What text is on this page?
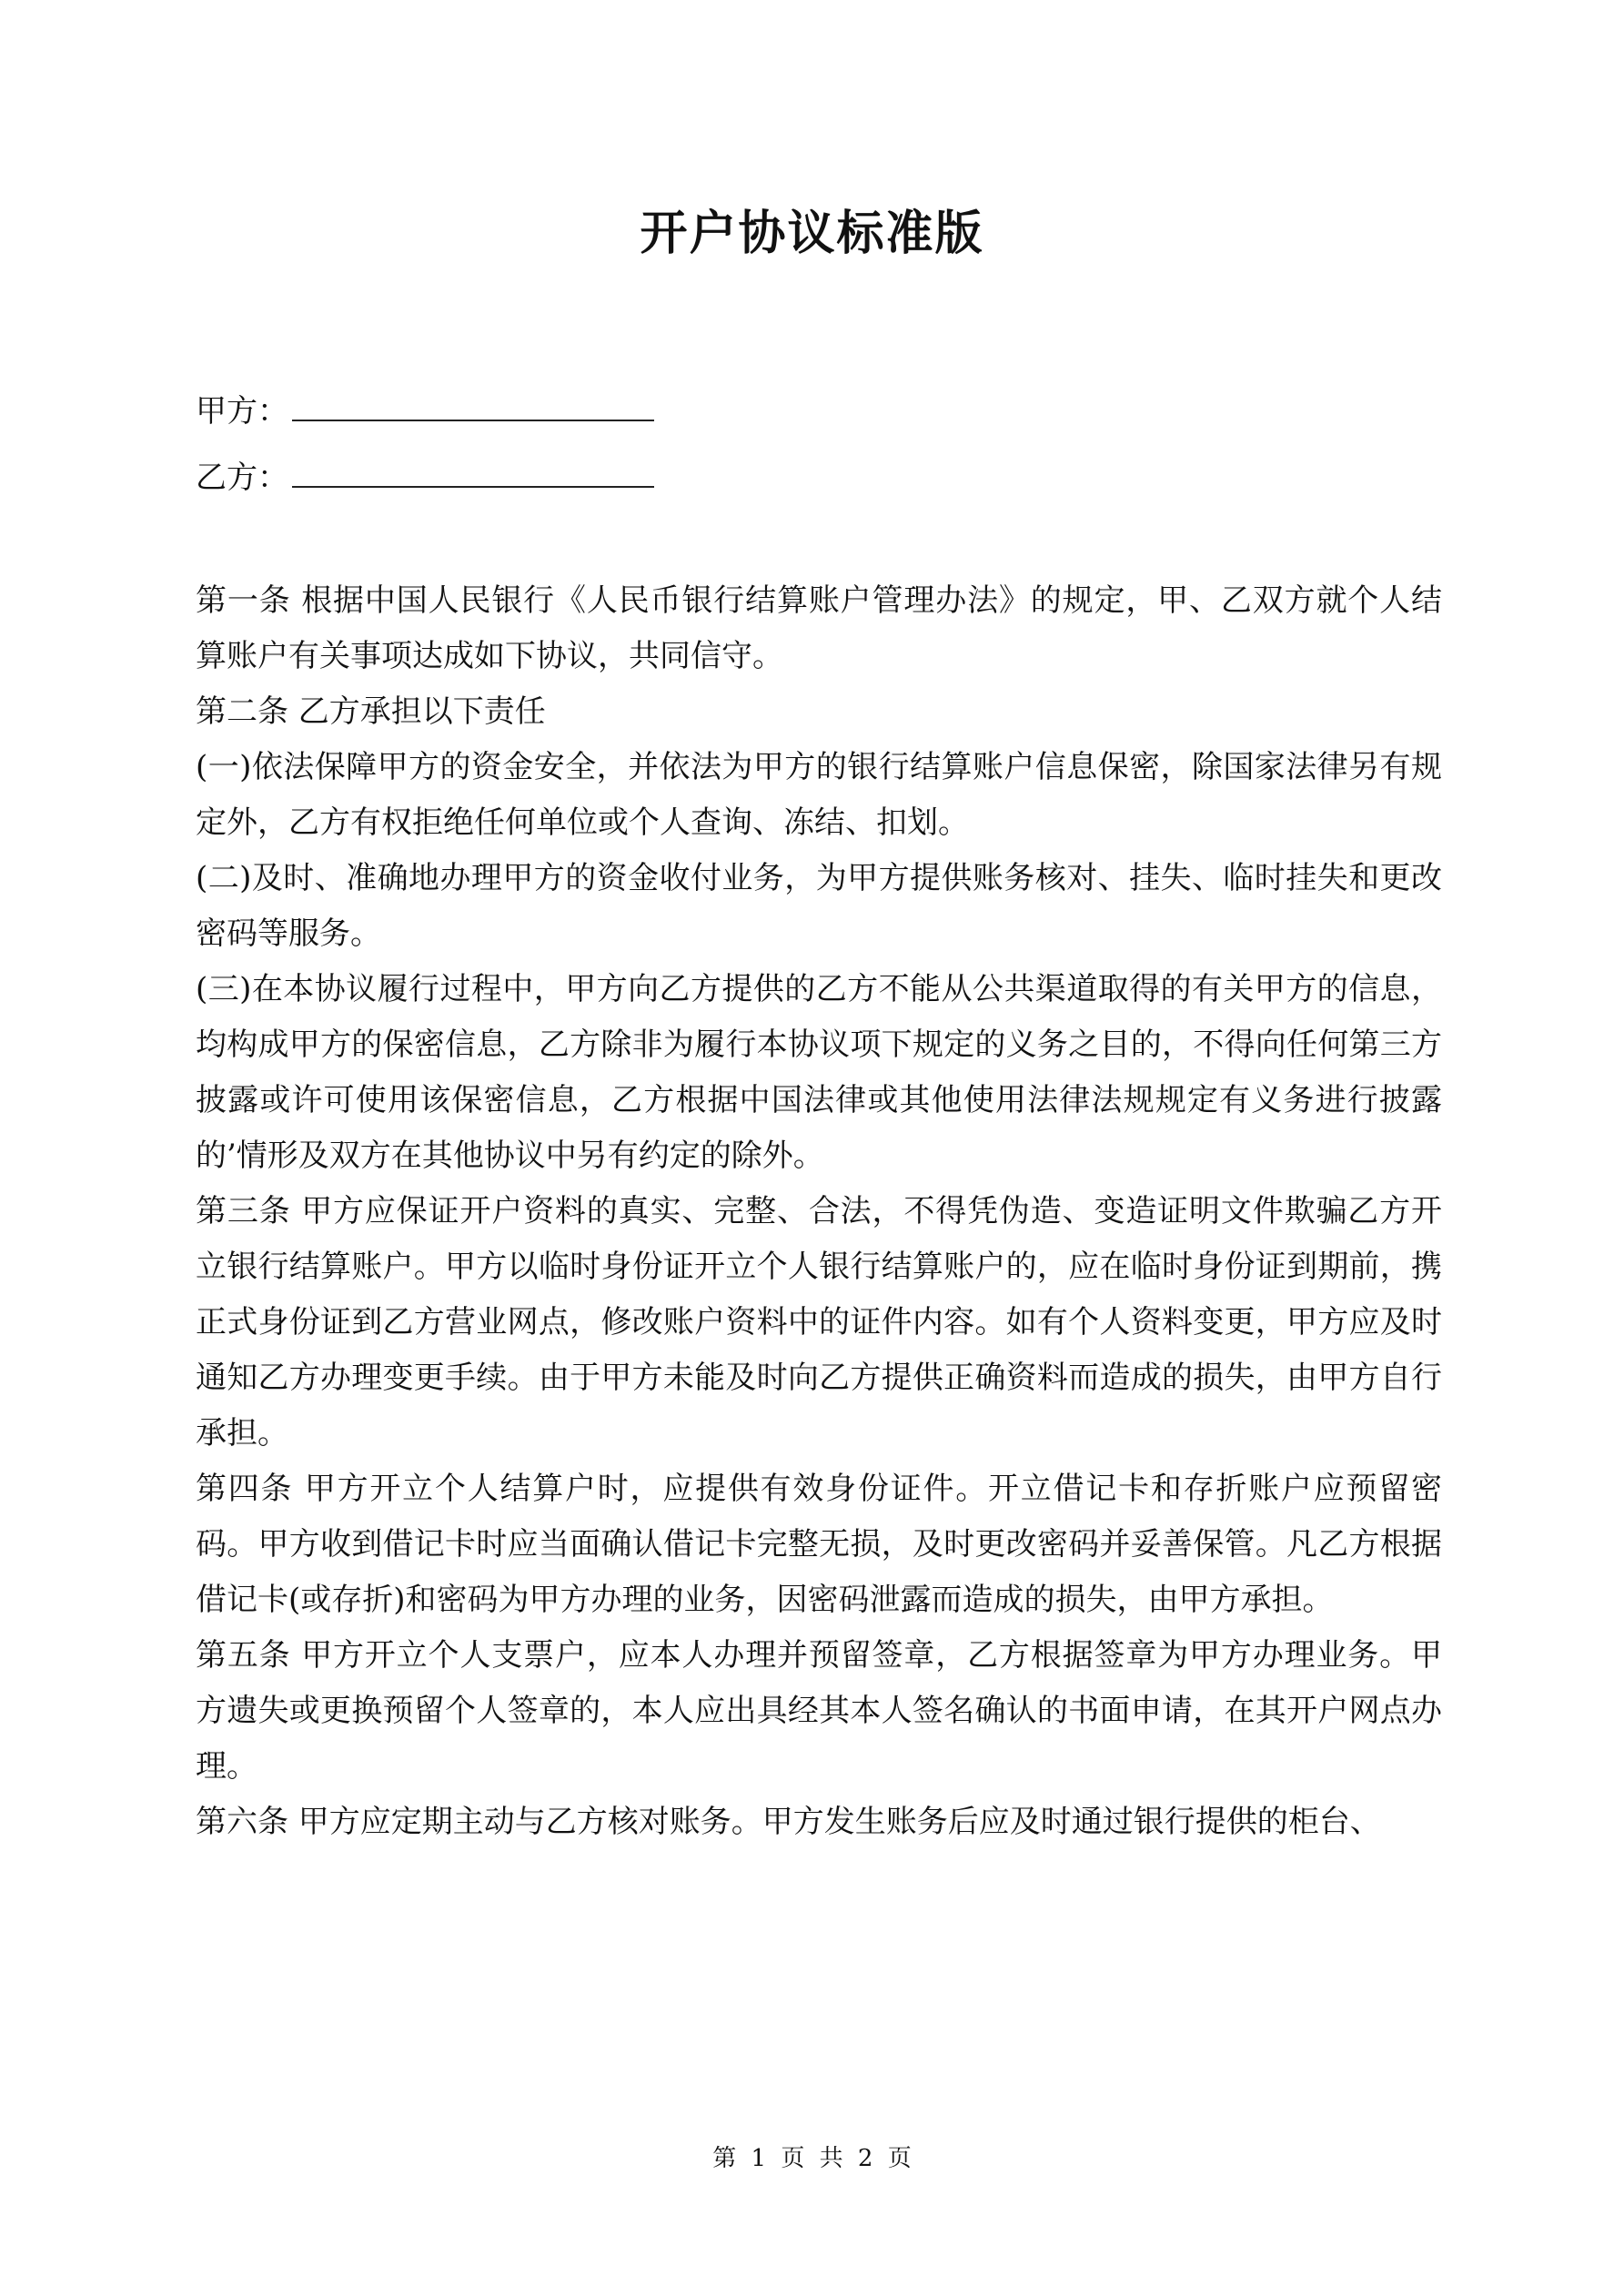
开户协议标准版
甲方：
乙方：

第一条 根据中国人民银行《人民币银行结算账户管理办法》的规定，甲、乙双方就个人结算账户有关事项达成如下协议，共同信守。

第二条 乙方承担以下责任

(一)依法保障甲方的资金安全，并依法为甲方的银行结算账户信息保密，除国家法律另有规定外，乙方有权拒绝任何单位或个人查询、冻结、扣划。

(二)及时、准确地办理甲方的资金收付业务，为甲方提供账务核对、挂失、临时挂失和更改密码等服务。

(三)在本协议履行过程中，甲方向乙方提供的乙方不能从公共渠道取得的有关甲方的信息，均构成甲方的保密信息，乙方除非为履行本协议项下规定的义务之目的，不得向任何第三方披露或许可使用该保密信息，乙方根据中国法律或其他使用法律法规规定有义务进行披露的’情形及双方在其他协议中另有约定的除外。

第三条 甲方应保证开户资料的真实、完整、合法，不得凭伪造、变造证明文件欺骗乙方开立银行结算账户。甲方以临时身份证开立个人银行结算账户的，应在临时身份证到期前，携正式身份证到乙方营业网点，修改账户资料中的证件内容。如有个人资料变更，甲方应及时通知乙方办理变更手续。由于甲方未能及时向乙方提供正确资料而造成的损失，由甲方自行承担。

第四条 甲方开立个人结算户时，应提供有效身份证件。开立借记卡和存折账户应预留密码。甲方收到借记卡时应当面确认借记卡完整无损，及时更改密码并妥善保管。凡乙方根据借记卡(或存折)和密码为甲方办理的业务，因密码泄露而造成的损失，由甲方承担。

第五条 甲方开立个人支票户，应本人办理并预留签章，乙方根据签章为甲方办理业务。甲方遗失或更换预留个人签章的，本人应出具经其本人签名确认的书面申请，在其开户网点办理。

第六条 甲方应定期主动与乙方核对账务。甲方发生账务后应及时通过银行提供的柜台、

第 1 页 共 2 页
